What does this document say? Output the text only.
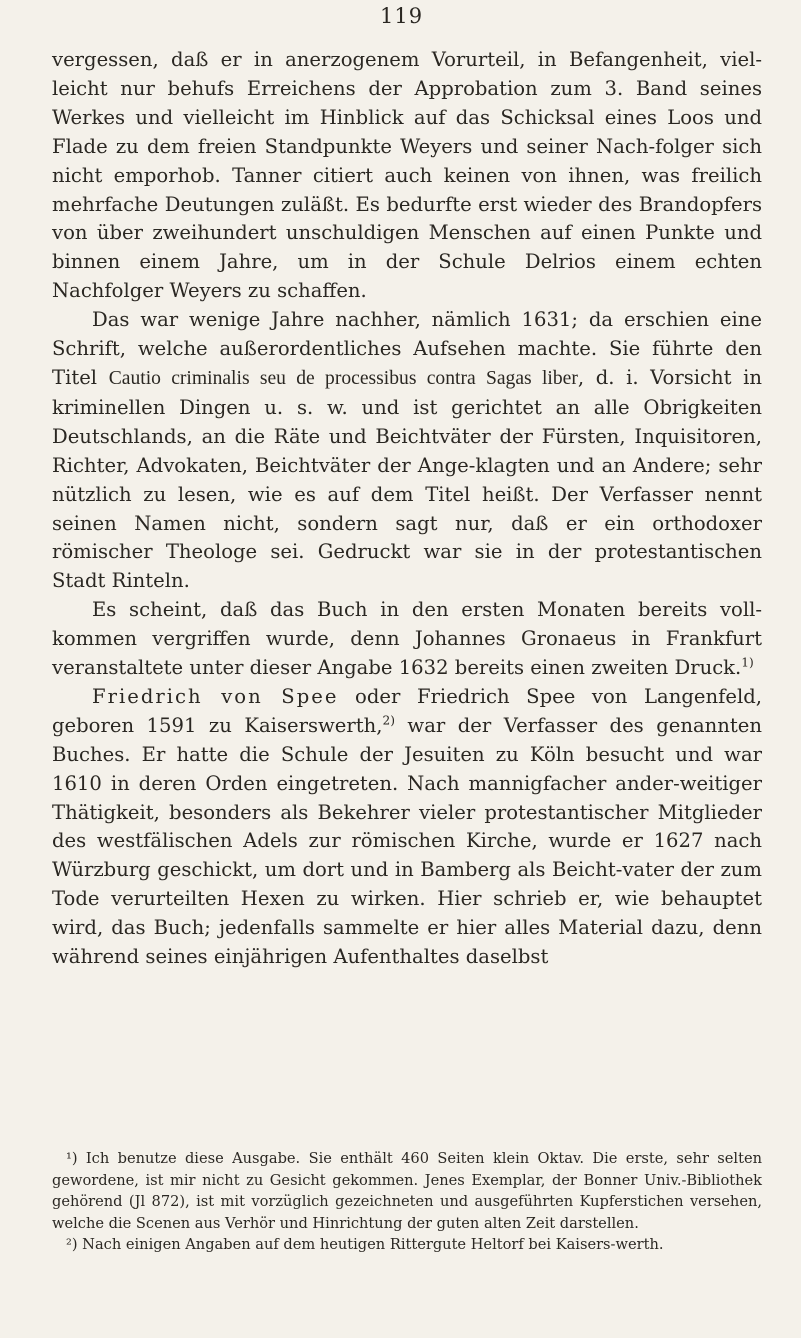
119

vergessen, daß er in anerzogenem Vorurteil, in Befangenheit, viel-leicht nur behufs Erreichens der Approbation zum 3. Band seines Werkes und vielleicht im Hinblick auf das Schicksal eines Loos und Flade zu dem freien Standpunkte Weyers und seiner Nach-folger sich nicht emporhob. Tanner citiert auch keinen von ihnen, was freilich mehrfache Deutungen zuläßt. Es bedurfte erst wieder des Brandopfers von über zweihundert unschuldigen Menschen auf einen Punkte und binnen einem Jahre, um in der Schule Delrios einem echten Nachfolger Weyers zu schaffen.

Das war wenige Jahre nachher, nämlich 1631; da erschien eine Schrift, welche außerordentliches Aufsehen machte. Sie führte den Titel Cautio criminalis seu de processibus contra Sagas liber, d. i. Vorsicht in kriminellen Dingen u. s. w. und ist gerichtet an alle Obrigkeiten Deutschlands, an die Räte und Beichtväter der Fürsten, Inquisitoren, Richter, Advokaten, Beichtväter der Ange-klagten und an Andere; sehr nützlich zu lesen, wie es auf dem Titel heißt. Der Verfasser nennt seinen Namen nicht, sondern sagt nur, daß er ein orthodoxer römischer Theologe sei. Gedruckt war sie in der protestantischen Stadt Rinteln.

Es scheint, daß das Buch in den ersten Monaten bereits voll-kommen vergriffen wurde, denn Johannes Gronaeus in Frankfurt veranstaltete unter dieser Angabe 1632 bereits einen zweiten Druck.$^{1)}$

Friedrich von Spee oder Friedrich Spee von Langenfeld, geboren 1591 zu Kaiserswerth,$^{2)}$ war der Verfasser des genannten Buches. Er hatte die Schule der Jesuiten zu Köln besucht und war 1610 in deren Orden eingetreten. Nach mannigfacher ander-weitiger Thätigkeit, besonders als Bekehrer vieler protestantischer Mitglieder des westfälischen Adels zur römischen Kirche, wurde er 1627 nach Würzburg geschickt, um dort und in Bamberg als Beicht-vater der zum Tode verurteilten Hexen zu wirken. Hier schrieb er, wie behauptet wird, das Buch; jedenfalls sammelte er hier alles Material dazu, denn während seines einjährigen Aufenthaltes daselbst

¹) Ich benutze diese Ausgabe. Sie enthält 460 Seiten klein Oktav. Die erste, sehr selten gewordene, ist mir nicht zu Gesicht gekommen. Jenes Exemplar, der Bonner Univ.-Bibliothek gehörend (Jl 872), ist mit vorzüglich gezeichneten und ausgeführten Kupferstichen versehen, welche die Scenen aus Verhör und Hinrichtung der guten alten Zeit darstellen.

²) Nach einigen Angaben auf dem heutigen Rittergute Heltorf bei Kaisers-werth.
